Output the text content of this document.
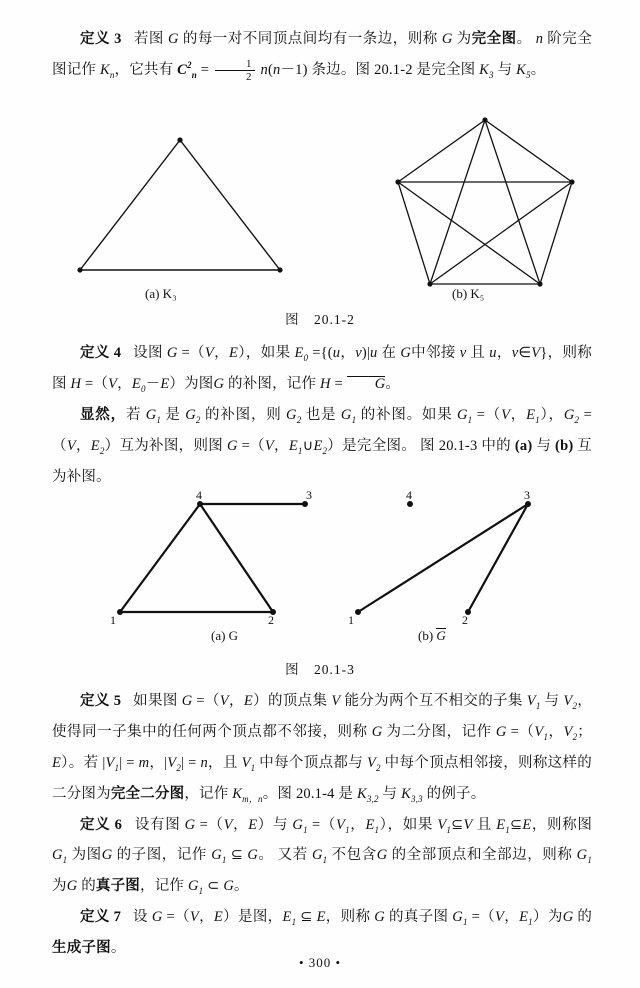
定义 3   若图 G 的每一对不同顶点间均有一条边，则称 G 为完全图。 n 阶完全图记作 $K_n$，它共有 $C^2_n = \frac{1}{2} n(n-1)$ 条边。图 20.1-2 是完全图 $K_3$ 与 $K_5$。

(a) K₃	(b) K₅
图　20.1-2

定义 4   设图 G =（V，E），如果 $E_0 =\{(u$，v)|u 在 G中邻接 v 且 u，v∈V}，则称图 H =（V，$E_0-E$）为图G 的补图，记作 H = G。

显然，若 $G_1$ 是 $G_2$ 的补图，则 $G_2$ 也是 $G_1$ 的补图。如果 $G_1 =(V$，$E_1$），$G_2 =(V$，$E_2$）互为补图，则图 G =（V，$E_1\cup E_2$）是完全图。 图 20.1-3 中的 (a) 与 (b) 互为补图。

4	3
1	2
(a) G
4	3
1	2
(b) G
图　20.1-3

定义 5   如果图 G =（V，E）的顶点集 V 能分为两个互不相交的子集 $V_1$ 与 $V_2$，使得同一子集中的任何两个顶点都不邻接，则称 G 为二分图，记作 $G =(V_1$，$V_2$；E）。若 $|V_1| = m$，$|V_2| = n$，且 $V_1$ 中每个顶点都与 $V_2$ 中每个顶点相邻接，则称这样的二分图为完全二分图，记作 $K_{m,n}$。图 20.1-4 是 $K_{3,2}$ 与 $K_{3,3}$ 的例子。

定义 6   设有图 G =（V，E）与 $G_1 =(V_1$，$E_1$），如果 $V_1⊆V$ 且 $E_1⊆E$，则称图 $G_1$ 为图G 的子图，记作 $G_1$ ⊆ G。 又若 $G_1$ 不包含G 的全部顶点和全部边，则称 $G_1$ 为G 的真子图，记作 $G_1$ ⊂ G。

定义 7   设 G =（V，E）是图，$E_1$ ⊆ E，则称 G 的真子图 $G_1 =(V$，$E_1$）为G 的生成子图。

• 300 •
